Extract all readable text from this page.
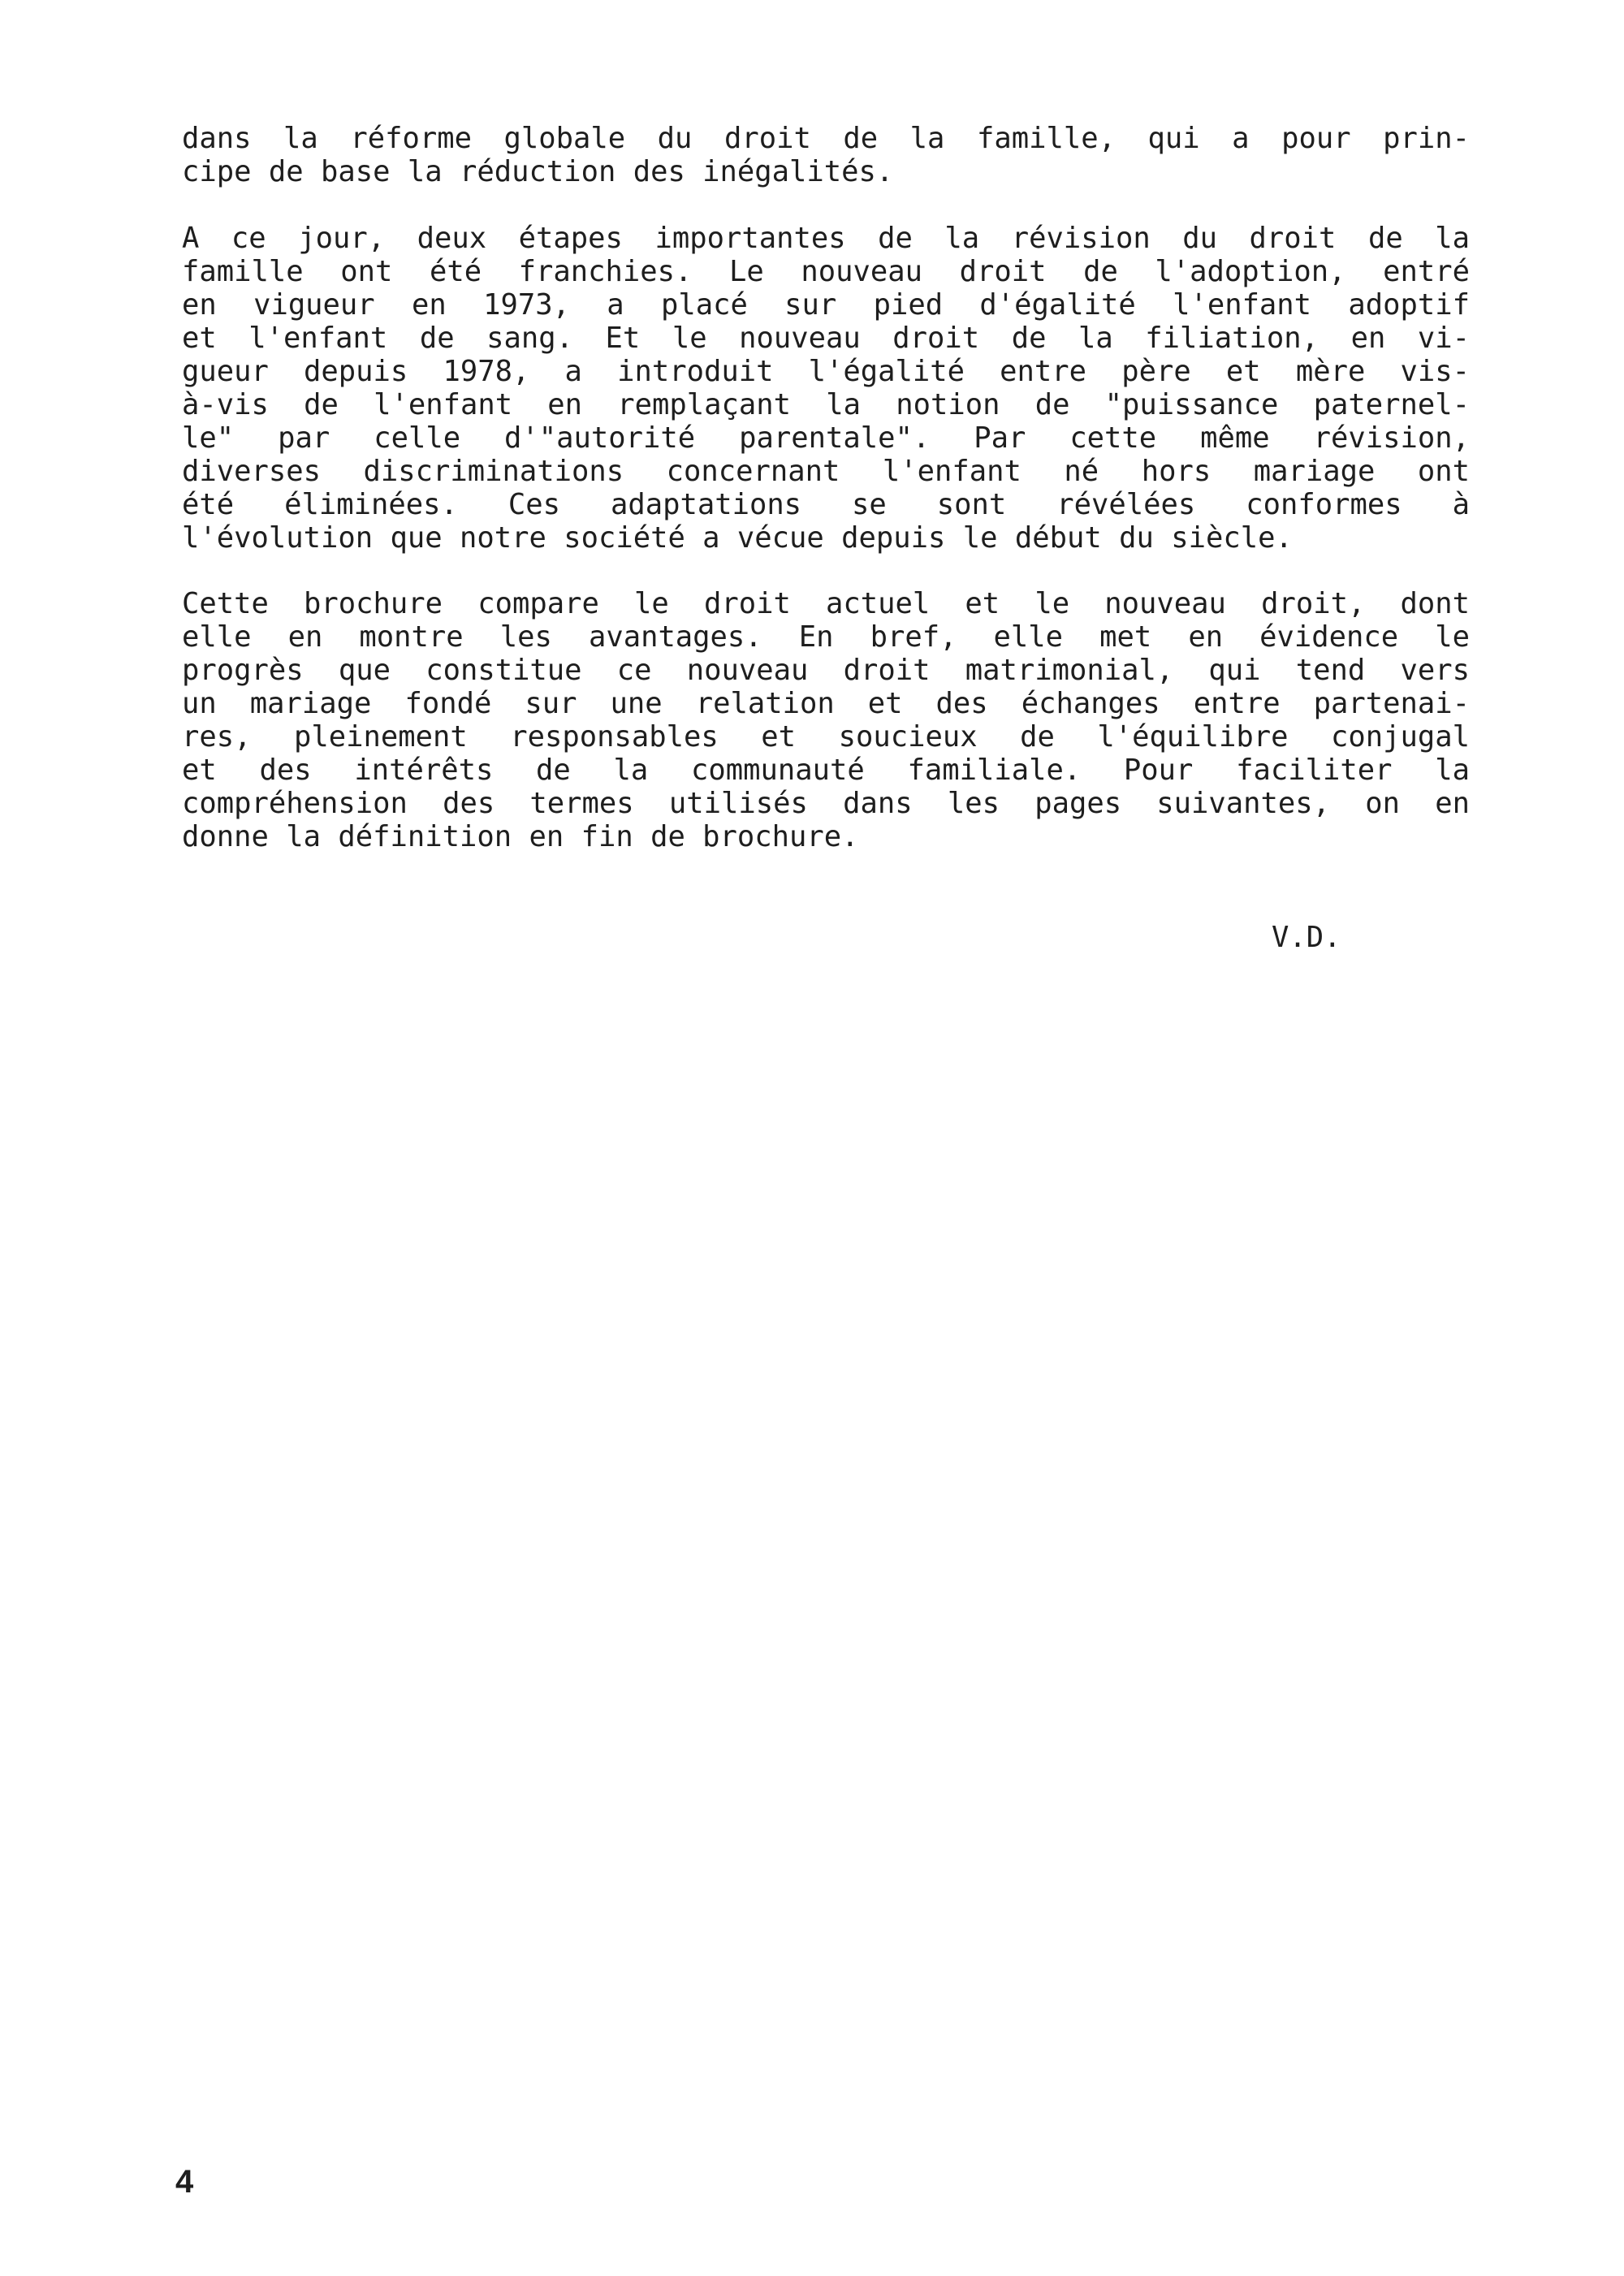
dans la réforme globale du droit de la famille, qui a pour prin-
cipe de base la réduction des inégalités.
A ce jour, deux étapes importantes de la révision du droit de la
famille ont été franchies. Le nouveau droit de l'adoption, entré
en vigueur en 1973, a placé sur pied d'égalité l'enfant adoptif
et l'enfant de sang. Et le nouveau droit de la filiation, en vi-
gueur depuis 1978, a introduit l'égalité entre père et mère vis-
à-vis de l'enfant en remplaçant la notion de "puissance paternel-
le" par celle d'"autorité parentale". Par cette même révision,
diverses discriminations concernant l'enfant né hors mariage ont
été éliminées. Ces adaptations se sont révélées conformes à
l'évolution que notre société a vécue depuis le début du siècle.
Cette brochure compare le droit actuel et le nouveau droit, dont
elle en montre les avantages. En bref, elle met en évidence le
progrès que constitue ce nouveau droit matrimonial, qui tend vers
un mariage fondé sur une relation et des échanges entre partenai-
res, pleinement responsables et soucieux de l'équilibre conjugal
et des intérêts de la communauté familiale. Pour faciliter la
compréhension des termes utilisés dans les pages suivantes, on en
donne la définition en fin de brochure.
V.D.
4
